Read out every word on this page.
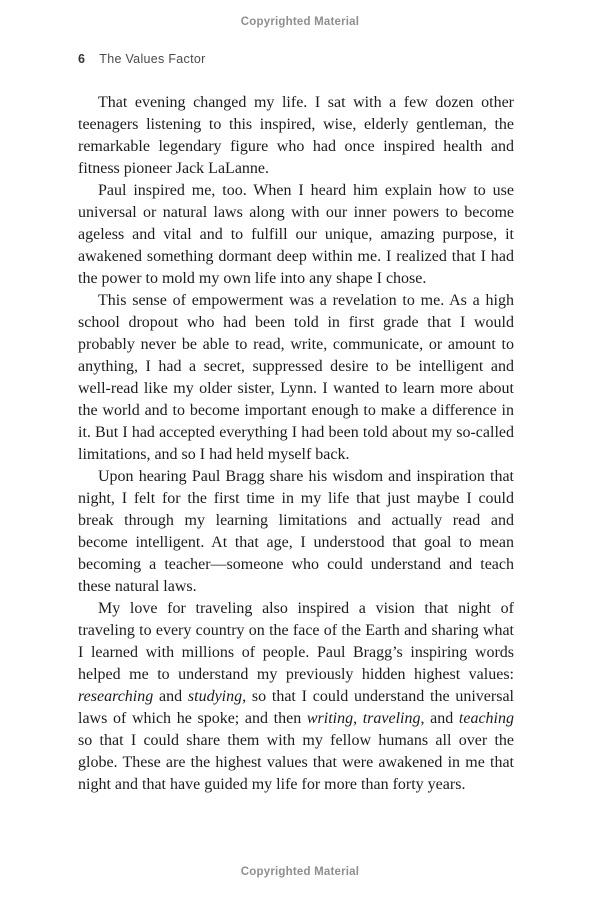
Copyrighted Material
6 The Values Factor

That evening changed my life. I sat with a few dozen other teenagers listening to this inspired, wise, elderly gentleman, the remarkable legendary figure who had once inspired health and fitness pioneer Jack LaLanne.

Paul inspired me, too. When I heard him explain how to use universal or natural laws along with our inner powers to become ageless and vital and to fulfill our unique, amazing purpose, it awakened something dormant deep within me. I realized that I had the power to mold my own life into any shape I chose.

This sense of empowerment was a revelation to me. As a high school dropout who had been told in first grade that I would probably never be able to read, write, communicate, or amount to anything, I had a secret, suppressed desire to be intelligent and well-read like my older sister, Lynn. I wanted to learn more about the world and to become important enough to make a difference in it. But I had accepted everything I had been told about my so-called limitations, and so I had held myself back.

Upon hearing Paul Bragg share his wisdom and inspiration that night, I felt for the first time in my life that just maybe I could break through my learning limitations and actually read and become intelligent. At that age, I understood that goal to mean becoming a teacher—someone who could understand and teach these natural laws.

My love for traveling also inspired a vision that night of traveling to every country on the face of the Earth and sharing what I learned with millions of people. Paul Bragg’s inspiring words helped me to understand my previously hidden highest values: researching and studying, so that I could understand the universal laws of which he spoke; and then writing, traveling, and teaching so that I could share them with my fellow humans all over the globe. These are the highest values that were awakened in me that night and that have guided my life for more than forty years.

Copyrighted Material
